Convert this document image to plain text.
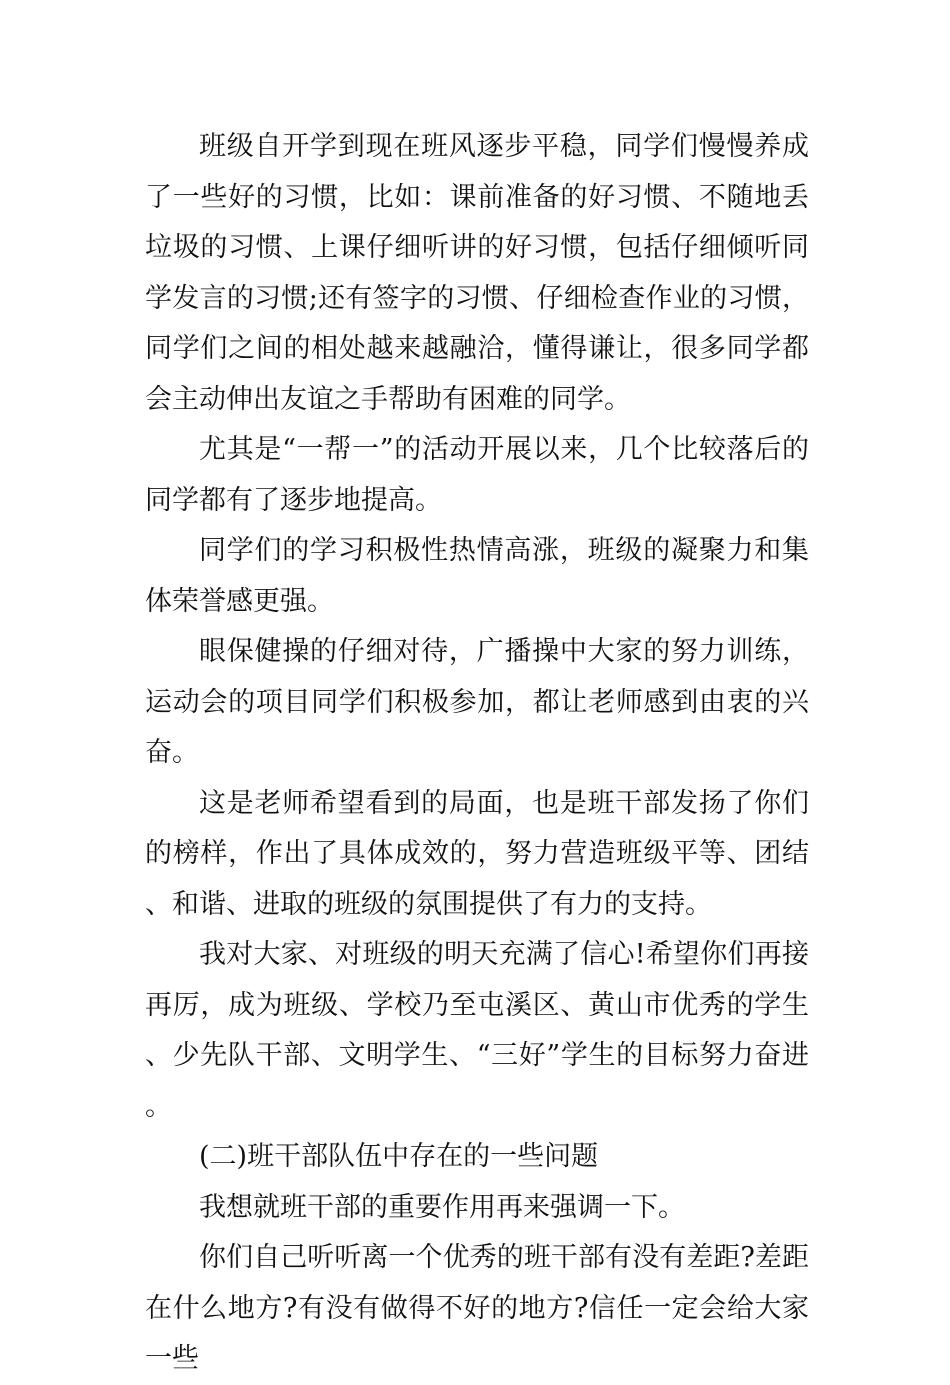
班级自开学到现在班风逐步平稳，同学们慢慢养成了一些好的习惯，比如：课前准备的好习惯、不随地丢垃圾的习惯、上课仔细听讲的好习惯，包括仔细倾听同学发言的习惯;还有签字的习惯、仔细检查作业的习惯，同学们之间的相处越来越融洽，懂得谦让，很多同学都会主动伸出友谊之手帮助有困难的同学。

尤其是“一帮一”的活动开展以来，几个比较落后的同学都有了逐步地提高。

同学们的学习积极性热情高涨，班级的凝聚力和集体荣誉感更强。

眼保健操的仔细对待，广播操中大家的努力训练，运动会的项目同学们积极参加，都让老师感到由衷的兴奋。

这是老师希望看到的局面，也是班干部发扬了你们的榜样，作出了具体成效的，努力营造班级平等、团结、和谐、进取的班级的氛围提供了有力的支持。

我对大家、对班级的明天充满了信心!希望你们再接再厉，成为班级、学校乃至屯溪区、黄山市优秀的学生、少先队干部、文明学生、“三好”学生的目标努力奋进。

(二)班干部队伍中存在的一些问题

我想就班干部的重要作用再来强调一下。

你们自己听听离一个优秀的班干部有没有差距?差距在什么地方?有没有做得不好的地方?信任一定会给大家一些
